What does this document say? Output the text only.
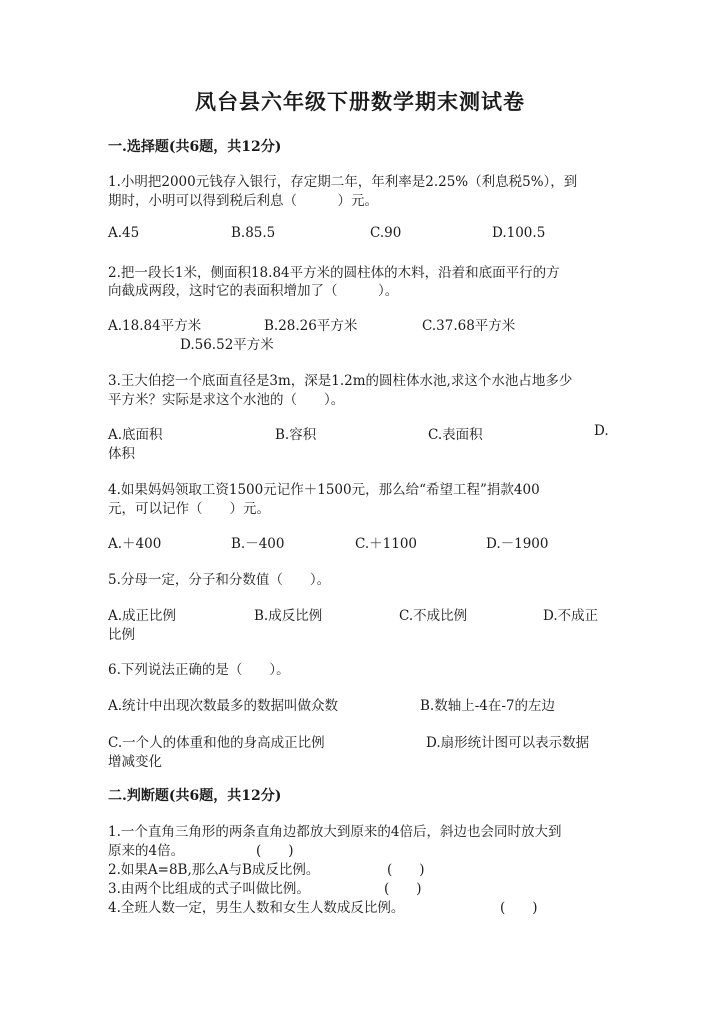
凤台县六年级下册数学期末测试卷
一.选择题(共6题，共12分)
1.小明把2000元钱存入银行，存定期二年，年利率是2.25%（利息税5%），到
期时，小明可以得到税后利息（　　　）元。
A.45	B.85.5	C.90	D.100.5
2.把一段长1米，侧面积18.84平方米的圆柱体的木料，沿着和底面平行的方
向截成两段，这时它的表面积增加了（　　　）。
A.18.84平方米	B.28.26平方米	C.37.68平方米
D.56.52平方米
3.王大伯挖一个底面直径是3m，深是1.2m的圆柱体水池,求这个水池占地多少
平方米？实际是求这个水池的（　　）。
A.底面积	B.容积	C.表面积	D.
体积
4.如果妈妈领取工资1500元记作＋1500元，那么给“希望工程”捐款400
元，可以记作（　　）元。
A.＋400	B.－400	C.＋1100	D.－1900
5.分母一定，分子和分数值（　　）。
A.成正比例	B.成反比例	C.不成比例	D.不成正
比例
6.下列说法正确的是（　　）。
A.统计中出现次数最多的数据叫做众数	B.数轴上-4在-7的左边
C.一个人的体重和他的身高成正比例	D.扇形统计图可以表示数据
增减变化
二.判断题(共6题，共12分)
1.一个直角三角形的两条直角边都放大到原来的4倍后，斜边也会同时放大到
原来的4倍。	(　　)
2.如果A=8B,那么A与B成反比例。	(　　)
3.由两个比组成的式子叫做比例。	(　　)
4.全班人数一定，男生人数和女生人数成反比例。	(　　)
